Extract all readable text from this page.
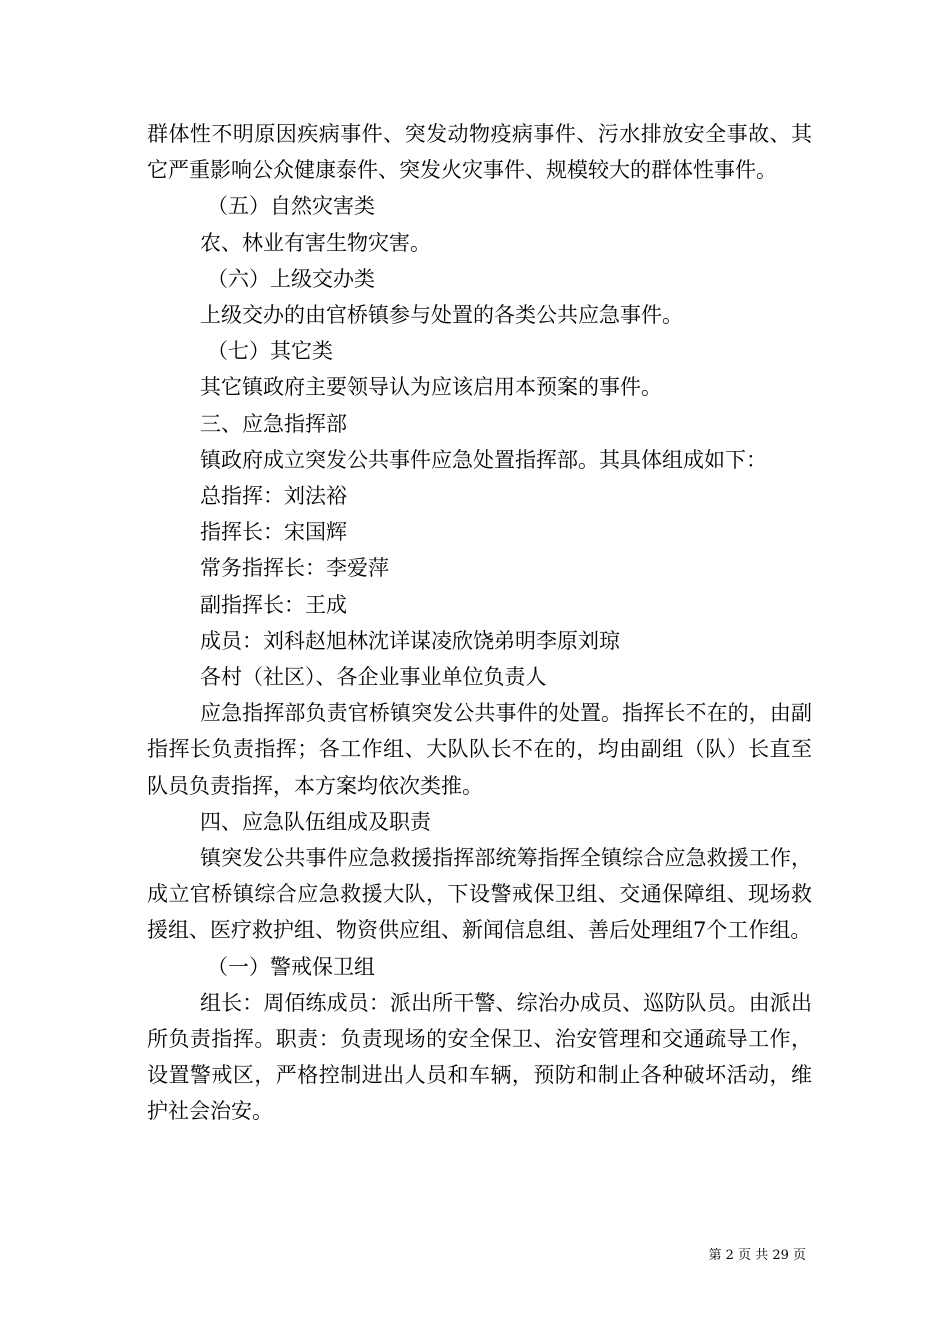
群体性不明原因疾病事件、突发动物疫病事件、污水排放安全事故、其它严重影响公众健康泰件、突发火灾事件、规模较大的群体性事件。

（五）自然灾害类

农、林业有害生物灾害。

（六）上级交办类

上级交办的由官桥镇参与处置的各类公共应急事件。

（七）其它类

其它镇政府主要领导认为应该启用本预案的事件。

三、应急指挥部

镇政府成立突发公共事件应急处置指挥部。其具体组成如下：

总指挥：刘法裕

指挥长：宋国辉

常务指挥长：李爱萍

副指挥长：王成

成员：刘科赵旭林沈详谋凌欣饶弟明李原刘琼

各村（社区）、各企业事业单位负责人

应急指挥部负责官桥镇突发公共事件的处置。指挥长不在的，由副指挥长负责指挥；各工作组、大队队长不在的，均由副组（队）长直至队员负责指挥，本方案均依次类推。

四、应急队伍组成及职责

镇突发公共事件应急救援指挥部统筹指挥全镇综合应急救援工作，成立官桥镇综合应急救援大队，下设警戒保卫组、交通保障组、现场救援组、医疗救护组、物资供应组、新闻信息组、善后处理组7个工作组。

（一）警戒保卫组

组长：周佰练成员：派出所干警、综治办成员、巡防队员。由派出所负责指挥。职责：负责现场的安全保卫、治安管理和交通疏导工作，设置警戒区，严格控制进出人员和车辆，预防和制止各种破坏活动，维护社会治安。

第 2 页 共 29 页
